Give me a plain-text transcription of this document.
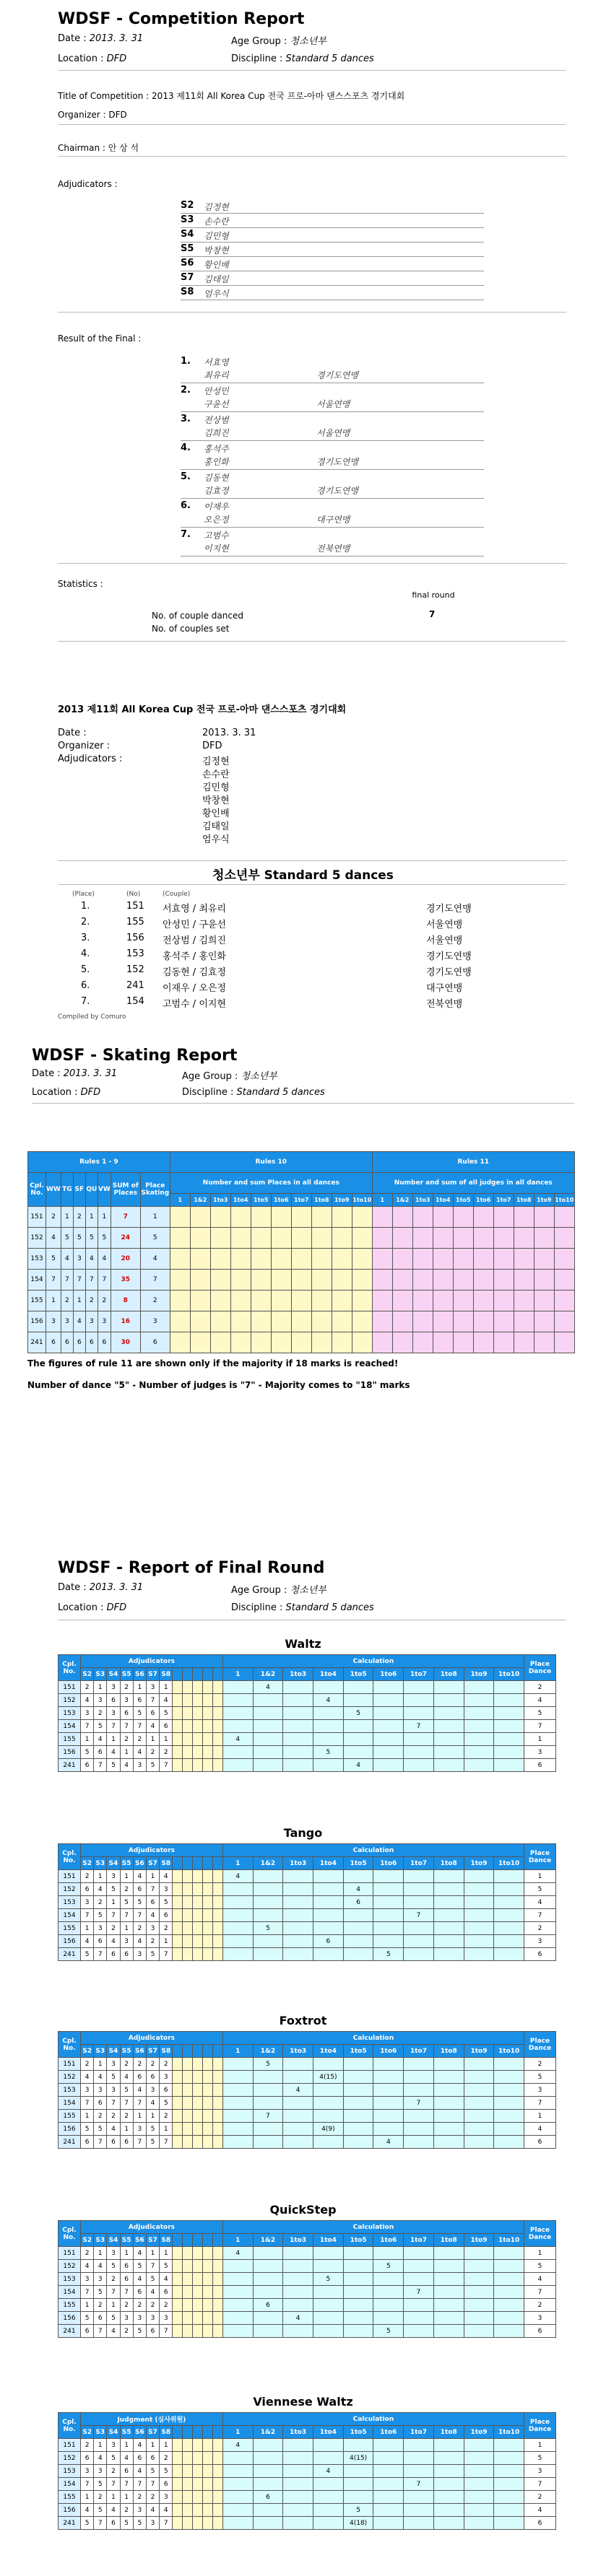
WDSF - Competition Report
Date : 2013. 3. 31	Age Group : 청소년부
Location : DFD	Discipline : Standard 5 dances
Title of Competition : 2013 제11회 All Korea Cup 전국 프로-아마 댄스스포츠 경기대회
Organizer : DFD
Chairman : 안 상 석
Adjudicators :
S2 김정현
S3 손수란
S4 김민형
S5 박창현
S6 황인배
S7 김태일
S8 엄우식
Result of the Final :
1. 서효영
최유리	경기도연맹
2. 안성민
구윤선	서울연맹
3. 전상범
김희진	서울연맹
4. 홍석주
홍인화	경기도연맹
5. 김동현
김효정	경기도연맹
6. 이재우
오은정	대구연맹
7. 고범수
이지현	전북연맹
Statistics :
final round
No. of couple danced	7
No. of couples set
2013 제11회 All Korea Cup 전국 프로-아마 댄스스포츠 경기대회
Date :	2013. 3. 31
Organizer :	DFD
Adjudicators :	김정현
손수란
김민형
박창현
황인배
김태일
엄우식
청소년부 Standard 5 dances
(Place)	(No)	(Couple)
1.	151 서효영 / 최유리	경기도연맹
2.	155 안성민 / 구윤선	서울연맹
3.	156 전상범 / 김희진	서울연맹
4.	153 홍석주 / 홍인화	경기도연맹
5.	152 김동현 / 김효정	경기도연맹
6.	241 이재우 / 오은정	대구연맹
7.	154 고범수 / 이지현	전북연맹
Compiled by Comuro
WDSF - Skating Report
Date : 2013. 3. 31	Age Group : 청소년부
Location : DFD	Discipline : Standard 5 dances
Rules 1 - 9								Rules 10										Rules 11									
Cpl. No.	WW	TG	SF	QU	VW	SUM of Places	Place Skating	Number and sum Places in all dances										Number and sum of all judges in all dances									
								1	1&2	1to3	1to4	1to5	1to6	1to7	1to8	1to9	1to10	1	1&2	1to3	1to4	1to5	1to6	1to7	1to8	1to9	1to10
151	2	1	2	1	1	7	1																				
152	4	5	5	5	5	24	5																				
153	5	4	3	4	4	20	4																				
154	7	7	7	7	7	35	7																				
155	1	2	1	2	2	8	2																				
156	3	3	4	3	3	16	3																				
241	6	6	6	6	6	30	6																				
The figures of rule 11 are shown only if the majority if 18 marks is reached!
Number of dance "5" - Number of judges is "7" - Majority comes to "18" marks
WDSF - Report of Final Round
Date : 2013. 3. 31	Age Group : 청소년부
Location : DFD	Discipline : Standard 5 dances
Waltz
Cpl. No.	Adjudicators												Calculation										Place Dance
	S2	S3	S4	S5	S6	S7	S8						1	1&2	1to3	1to4	1to5	1to6	1to7	1to8	1to9	1to10	
151	2	1	3	2	1	3	1							4									2
152	4	3	6	3	6	7	4									4							4
153	3	2	3	6	5	6	5										5						5
154	7	5	7	7	7	4	6												7				7
155	1	4	1	2	2	1	1						4										1
156	5	6	4	1	4	2	2									5							3
241	6	7	5	4	3	5	7										4						6
Tango
Cpl. No.	Adjudicators												Calculation										Place Dance
	S2	S3	S4	S5	S6	S7	S8						1	1&2	1to3	1to4	1to5	1to6	1to7	1to8	1to9	1to10	
151	2	1	3	1	4	1	4						4										1
152	6	4	5	2	6	7	3										4						5
153	3	2	1	5	5	6	5										6						4
154	7	5	7	7	7	4	6												7				7
155	1	3	2	1	2	3	2							5									2
156	4	6	4	3	4	2	1									6							3
241	5	7	6	6	3	5	7											5					6
Foxtrot
Cpl. No.	Adjudicators												Calculation										Place Dance
	S2	S3	S4	S5	S6	S7	S8						1	1&2	1to3	1to4	1to5	1to6	1to7	1to8	1to9	1to10	
151	2	1	3	2	2	2	2							5									2
152	4	4	5	4	6	6	3									4(15)							5
153	3	3	3	5	4	3	6								4								3
154	7	6	7	7	7	4	5												7				7
155	1	2	2	2	1	1	2							7									1
156	5	5	4	1	3	5	1									4(9)							4
241	6	7	6	6	7	5	7											4					6
QuickStep
Cpl. No.	Adjudicators												Calculation										Place Dance
	S2	S3	S4	S5	S6	S7	S8						1	1&2	1to3	1to4	1to5	1to6	1to7	1to8	1to9	1to10	
151	2	1	3	1	4	1	1						4										1
152	4	4	5	6	5	7	5											5					5
153	3	3	2	6	4	5	4									5							4
154	7	5	7	7	6	4	6												7				7
155	1	2	1	2	2	2	2							6									2
156	5	6	5	3	3	3	3								4								3
241	6	7	4	2	5	6	7											5					6
Viennese Waltz
Cpl. No.	Judgment (심사위원)												Calculation										Place Dance
	S2	S3	S4	S5	S6	S7	S8						1	1&2	1to3	1to4	1to5	1to6	1to7	1to8	1to9	1to10	
151	2	1	3	1	4	1	1						4										1
152	6	4	5	4	6	6	2										4(15)						5
153	3	3	2	6	4	5	5									4							3
154	7	5	7	7	7	7	6												7				7
155	1	2	1	1	2	2	3							6									2
156	4	5	4	2	3	4	4										5						4
241	5	7	6	5	5	3	7										4(18)						6
